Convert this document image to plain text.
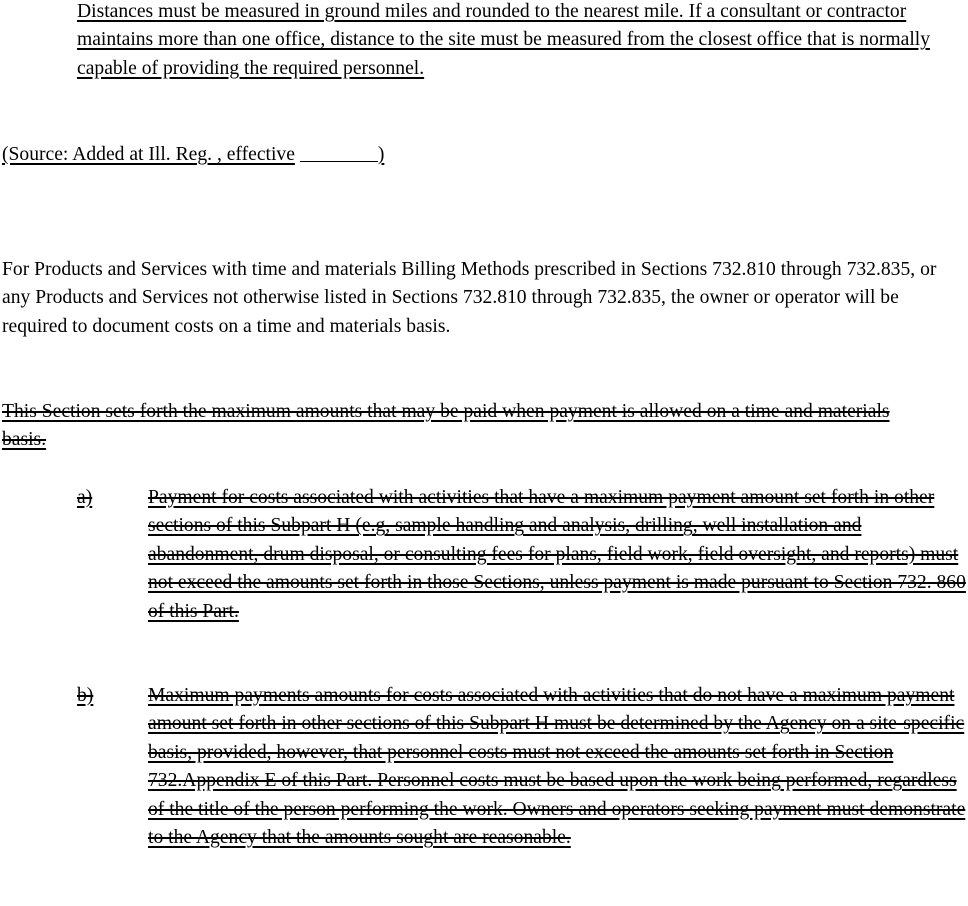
Distances must be measured in ground miles and rounded to the nearest mile. If a consultant or contractor maintains more than one office, distance to the site must be measured from the closest office that is normally capable of providing the required personnel.

(Source: Added at Ill. Reg. , effective	)

For Products and Services with time and materials Billing Methods prescribed in Sections 732.810 through 732.835, or any Products and Services not otherwise listed in Sections 732.810 through 732.835, the owner or operator will be required to document costs on a time and materials basis.

This Section sets forth the maximum amounts that may be paid when payment is allowed on a time and materials basis.

a)	Payment for costs associated with activities that have a maximum payment amount set forth in other sections of this Subpart H (e.g, sample handling and analysis, drilling, well installation and abandonment, drum disposal, or consulting fees for plans, field work, field oversight, and reports) must not exceed the amounts set forth in those Sections, unless payment is made pursuant to Section 732. 860 of this Part.
b)	Maximum payments amounts for costs associated with activities that do not have a maximum payment amount set forth in other sections of this Subpart H must be determined by the Agency on a site-specific basis, provided, however, that personnel costs must not exceed the amounts set forth in Section 732.Appendix E of this Part. Personnel costs must be based upon the work being performed, regardless of the title of the person performing the work. Owners and operators seeking payment must demonstrate to the Agency that the amounts sought are reasonable.
